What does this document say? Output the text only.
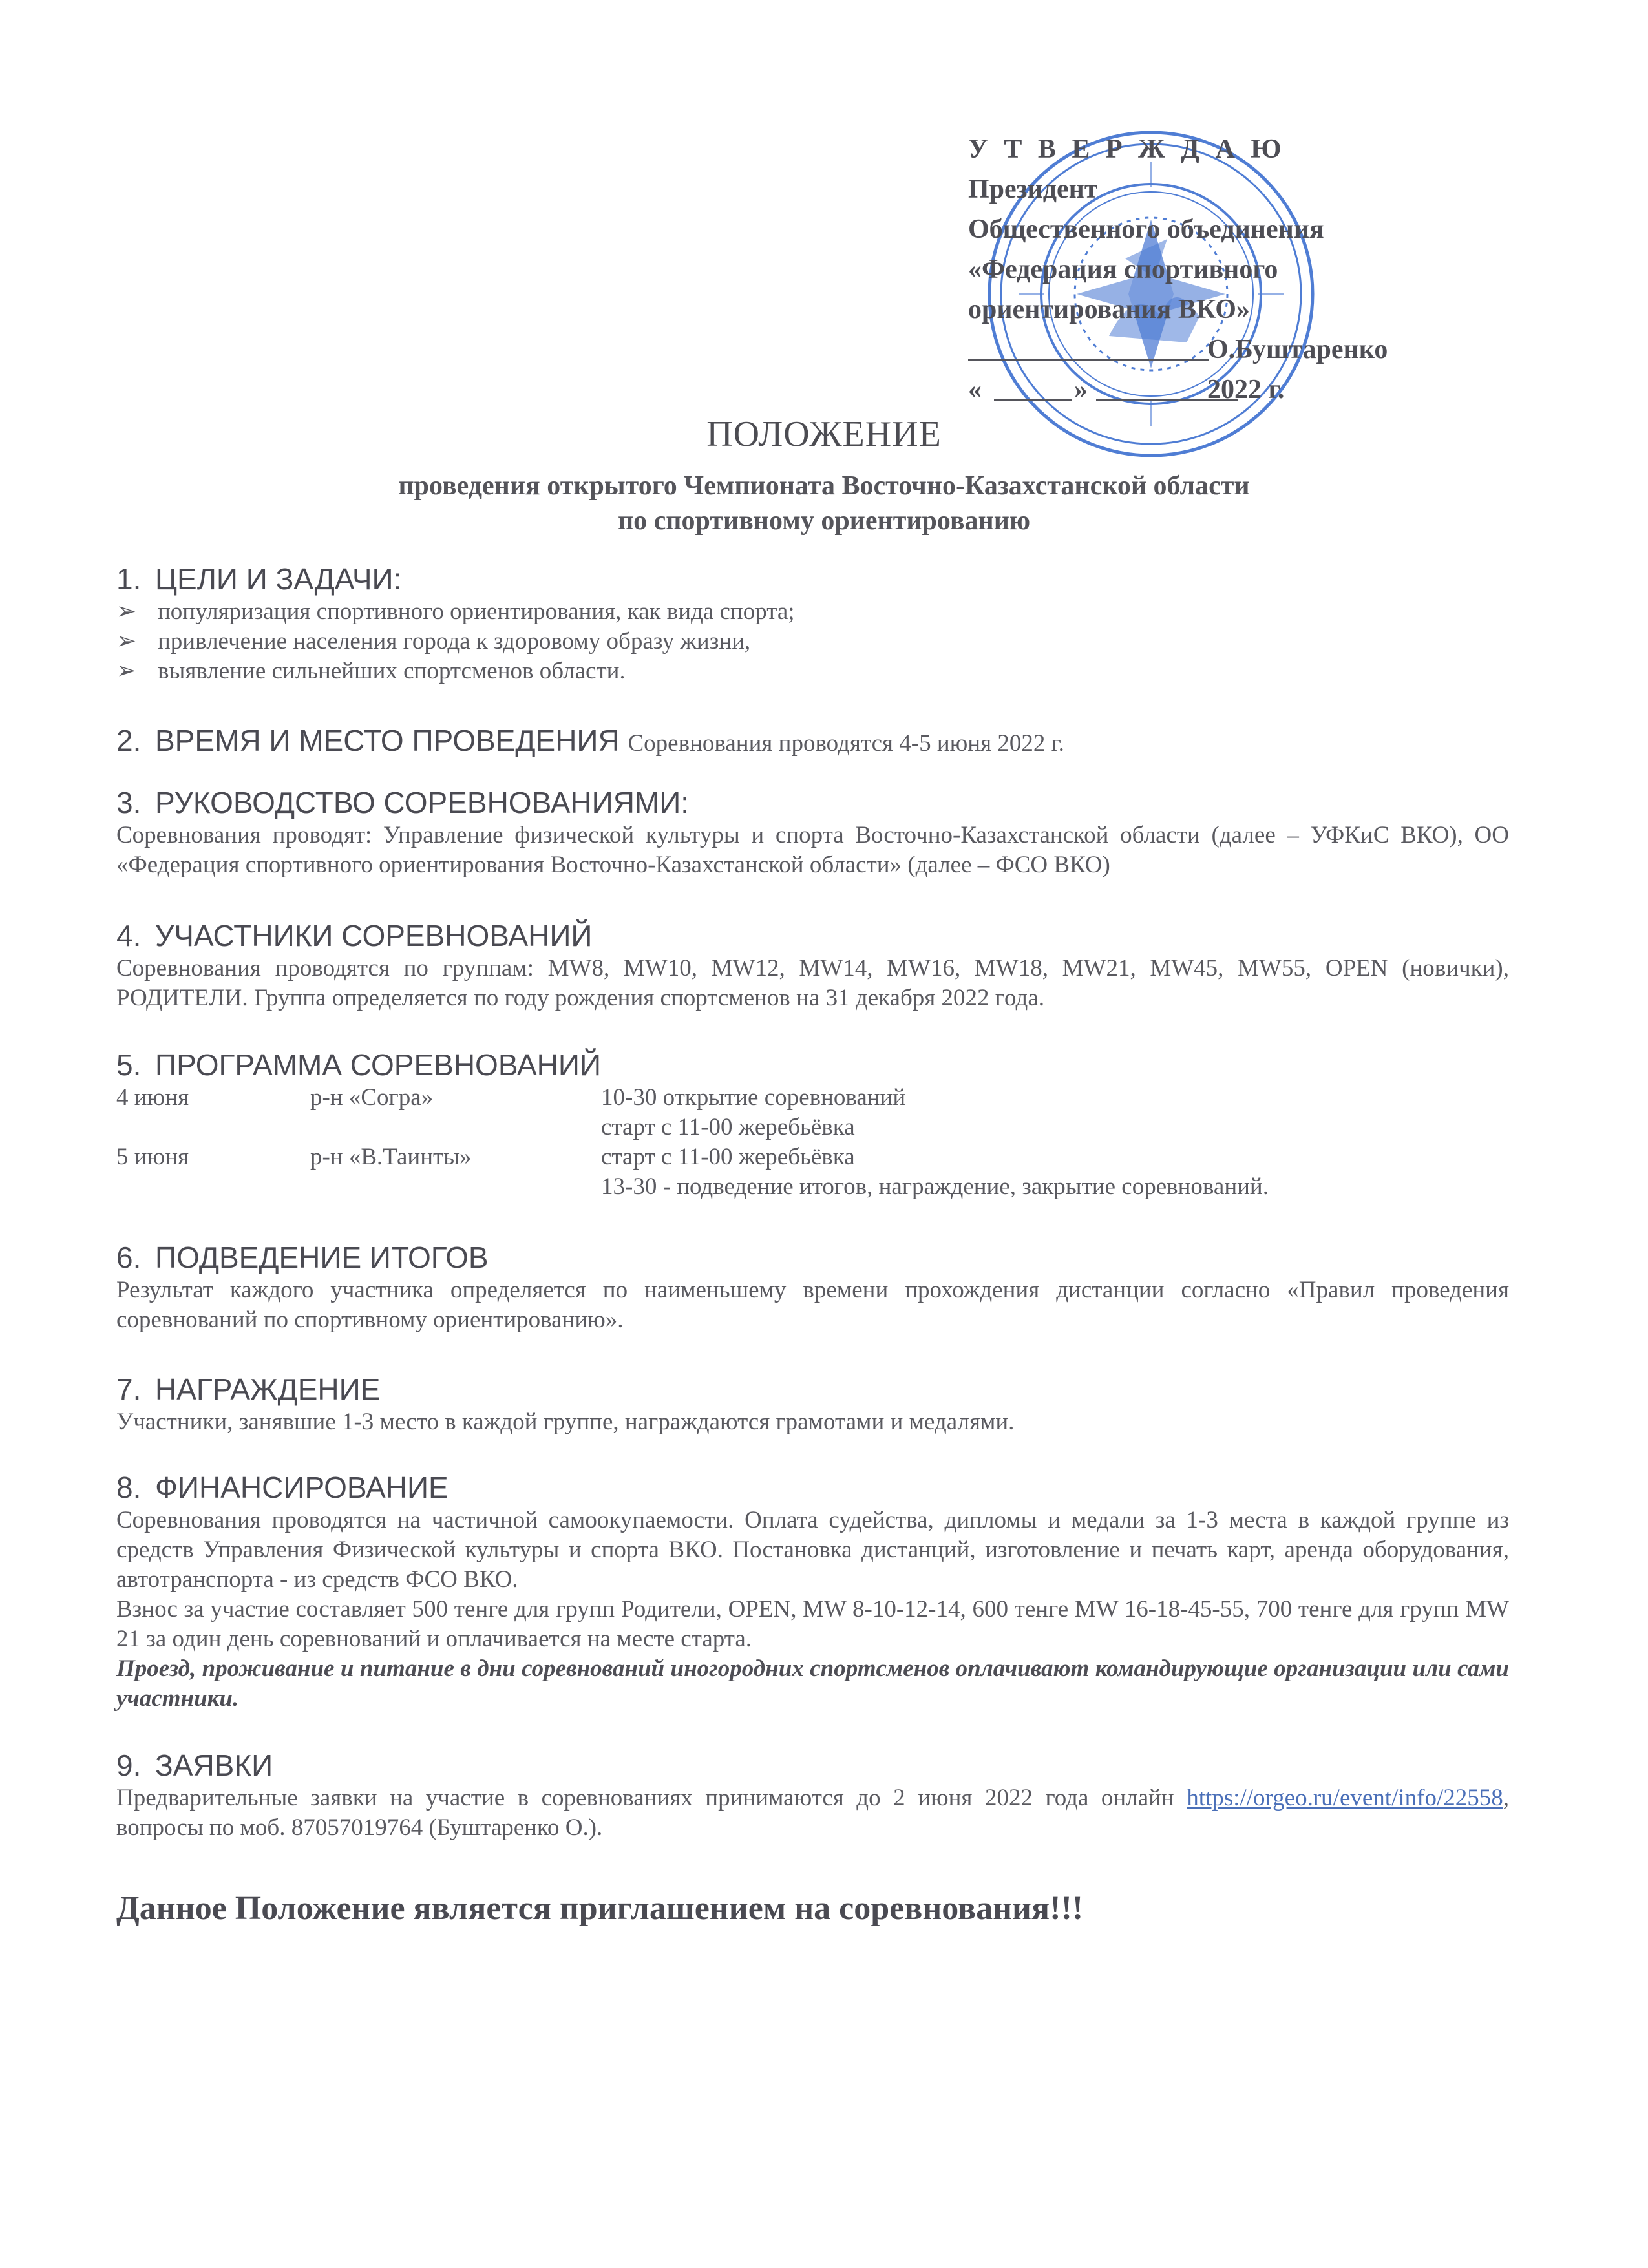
У Т В Е Р Ж Д А Ю
Президент
Общественного объединения
«Федерация спортивного
ориентирования ВКО»
О.Буштаренко
«	»	2022 г.
ПОЛОЖЕНИЕ
проведения открытого Чемпионата Восточно-Казахстанской области
по спортивному ориентированию
1. ЦЕЛИ И ЗАДАЧИ:
➢ популяризация спортивного ориентирования, как вида спорта;
➢ привлечение населения города к здоровому образу жизни,
➢ выявление сильнейших спортсменов области.
2. ВРЕМЯ И МЕСТО ПРОВЕДЕНИЯ Соревнования проводятся 4-5 июня 2022 г.
3. РУКОВОДСТВО СОРЕВНОВАНИЯМИ:

Соревнования проводят: Управление физической культуры и спорта Восточно-Казахстанской области (далее – УФКиС ВКО), ОО «Федерация спортивного ориентирования Восточно-Казахстанской области» (далее – ФСО ВКО)

4. УЧАСТНИКИ СОРЕВНОВАНИЙ

Соревнования проводятся по группам: MW8, MW10, MW12, MW14, MW16, MW18, MW21, MW45, MW55, OPEN (новички), РОДИТЕЛИ. Группа определяется по году рождения спортсменов на 31 декабря 2022 года.

5. ПРОГРАММА СОРЕВНОВАНИЙ
4 июня	р-н «Согра»	10-30 открытие соревнований
		старт с 11-00 жеребьёвка
5 июня	р-н «В.Таинты»	старт с 11-00 жеребьёвка
		13-30 - подведение итогов, награждение, закрытие соревнований.
6. ПОДВЕДЕНИЕ ИТОГОВ

Результат каждого участника определяется по наименьшему времени прохождения дистанции согласно «Правил проведения соревнований по спортивному ориентированию».

7. НАГРАЖДЕНИЕ

Участники, занявшие 1-3 место в каждой группе, награждаются грамотами и медалями.

8. ФИНАНСИРОВАНИЕ

Соревнования проводятся на частичной самоокупаемости. Оплата судейства, дипломы и медали за 1-3 места в каждой группе из средств Управления Физической культуры и спорта ВКО. Постановка дистанций, изготовление и печать карт, аренда оборудования, автотранспорта - из средств ФСО ВКО.

Взнос за участие составляет 500 тенге для групп Родители, OPEN, MW 8-10-12-14, 600 тенге MW 16-18-45-55, 700 тенге для групп MW 21 за один день соревнований и оплачивается на месте старта.

Проезд, проживание и питание в дни соревнований иногородних спортсменов оплачивают командирующие организации или сами участники.

9. ЗАЯВКИ

Предварительные заявки на участие в соревнованиях принимаются до 2 июня 2022 года онлайн https://orgeo.ru/event/info/22558, вопросы по моб. 87057019764 (Буштаренко О.).

Данное Положение является приглашением на соревнования!!!
